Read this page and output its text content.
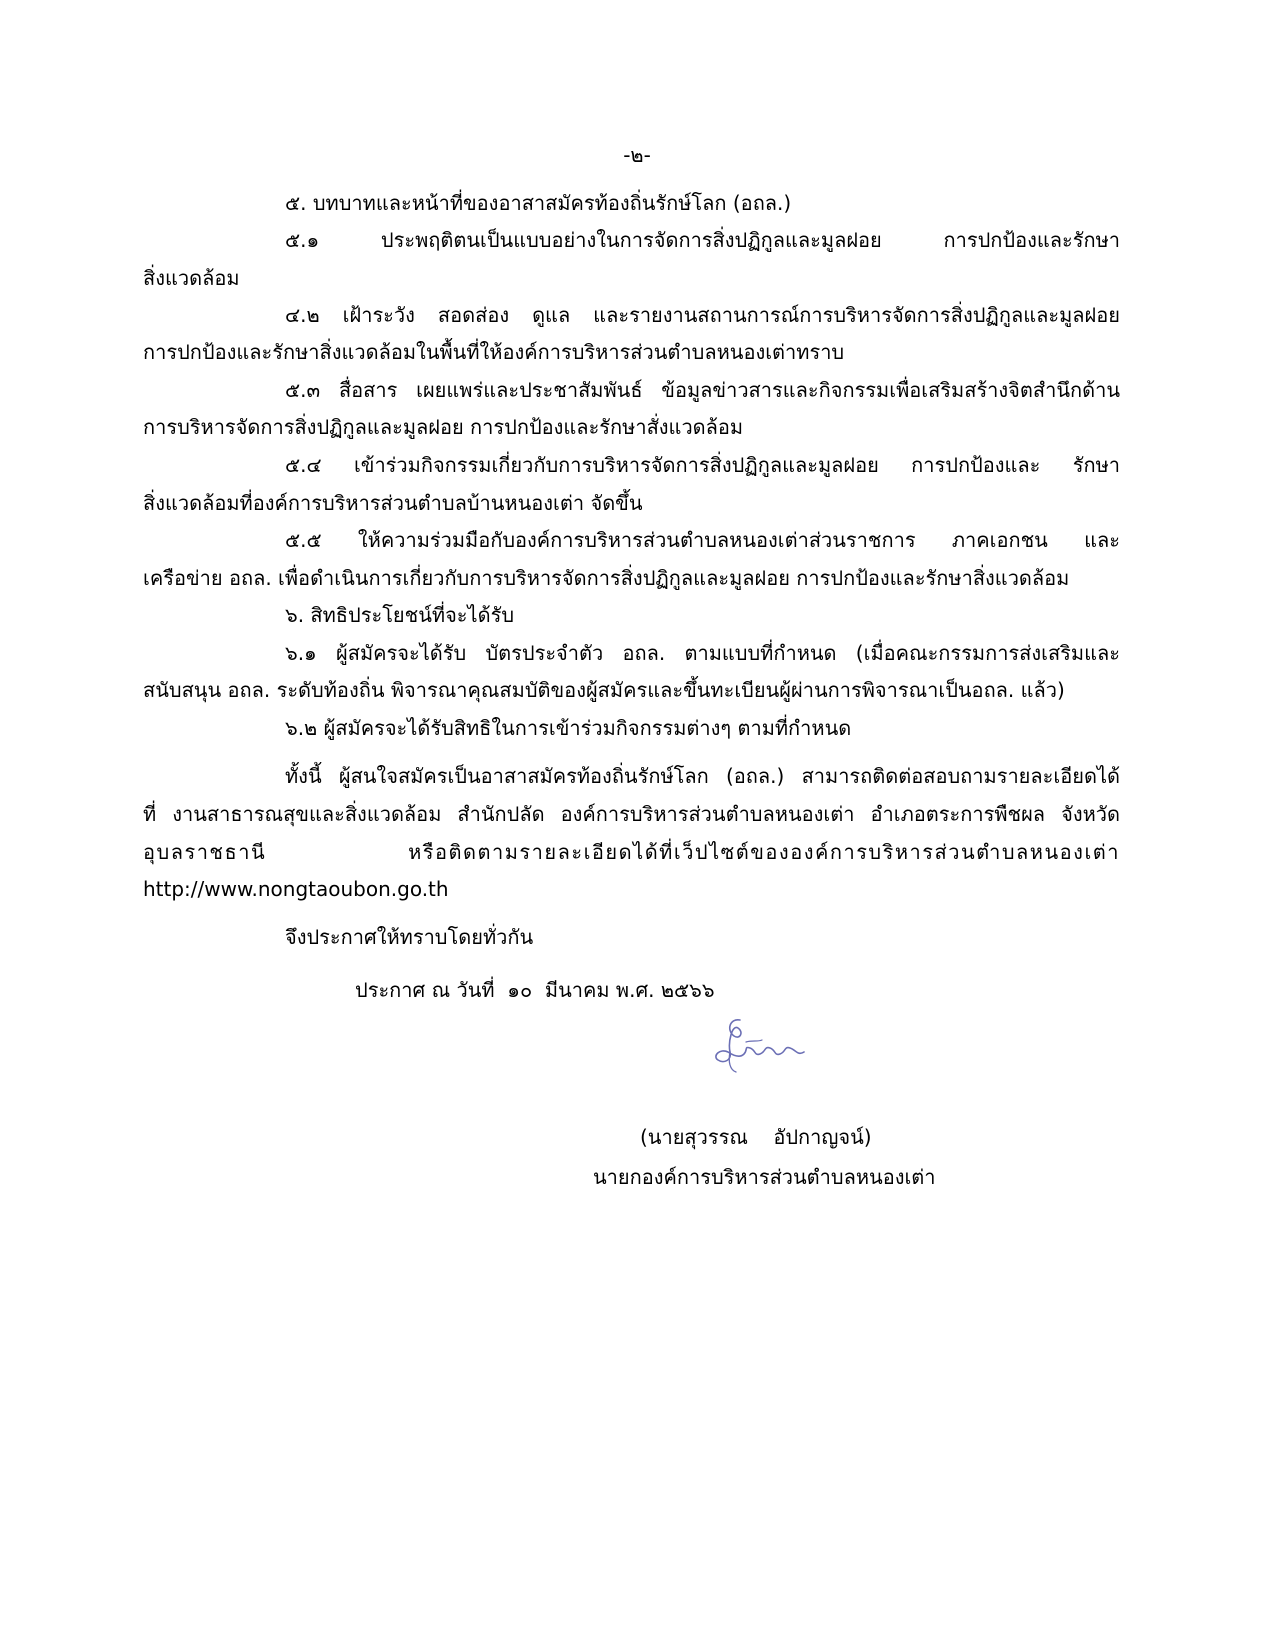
-๒-
๕. บทบาทและหน้าที่ของอาสาสมัครท้องถิ่นรักษ์โลก (อถล.)
๕.๑ ประพฤติตนเป็นแบบอย่างในการจัดการสิ่งปฏิกูลและมูลฝอย การปกป้องและรักษา
สิ่งแวดล้อม
๔.๒ เฝ้าระวัง สอดส่อง ดูแล และรายงานสถานการณ์การบริหารจัดการสิ่งปฏิกูลและมูลฝอย
การปกป้องและรักษาสิ่งแวดล้อมในพื้นที่ให้องค์การบริหารส่วนตำบลหนองเต่าทราบ
๕.๓ สื่อสาร เผยแพร่และประชาสัมพันธ์ ข้อมูลข่าวสารและกิจกรรมเพื่อเสริมสร้างจิตสำนึกด้าน
การบริหารจัดการสิ่งปฏิกูลและมูลฝอย การปกป้องและรักษาสั่งแวดล้อม
๕.๔ เข้าร่วมกิจกรรมเกี่ยวกับการบริหารจัดการสิ่งปฏิกูลและมูลฝอย การปกป้องและ รักษา
สิ่งแวดล้อมที่องค์การบริหารส่วนตำบลบ้านหนองเต่า จัดขึ้น
๕.๕ ให้ความร่วมมือกับองค์การบริหารส่วนตำบลหนองเต่าส่วนราชการ ภาคเอกชน และ
เครือข่าย อถล. เพื่อดำเนินการเกี่ยวกับการบริหารจัดการสิ่งปฏิกูลและมูลฝอย การปกป้องและรักษาสิ่งแวดล้อม
๖. สิทธิประโยชน์ที่จะได้รับ
๖.๑ ผู้สมัครจะได้รับ บัตรประจำตัว อถล. ตามแบบที่กำหนด (เมื่อคณะกรรมการส่งเสริมและ
สนับสนุน อถล. ระดับท้องถิ่น พิจารณาคุณสมบัติของผู้สมัครและขึ้นทะเบียนผู้ผ่านการพิจารณาเป็นอถล. แล้ว)
๖.๒ ผู้สมัครจะได้รับสิทธิในการเข้าร่วมกิจกรรมต่างๆ ตามที่กำหนด
ทั้งนี้ ผู้สนใจสมัครเป็นอาสาสมัครท้องถิ่นรักษ์โลก (อถล.) สามารถติดต่อสอบถามรายละเอียดได้
ที่ งานสาธารณสุขและสิ่งแวดล้อม สำนักปลัด องค์การบริหารส่วนตำบลหนองเต่า อำเภอตระการพืชผล จังหวัด
อุบลราชธานี หรือติดตามรายละเอียดได้ที่เว็ปไซต์ขององค์การบริหารส่วนตำบลหนองเต่า
http://www.nongtaoubon.go.th
จึงประกาศให้ทราบโดยทั่วกัน
ประกาศ ณ วันที่  ๑๐  มีนาคม พ.ศ. ๒๕๖๖
(นายสุวรรณ    อัปกาญจน์)
นายกองค์การบริหารส่วนตำบลหนองเต่า
